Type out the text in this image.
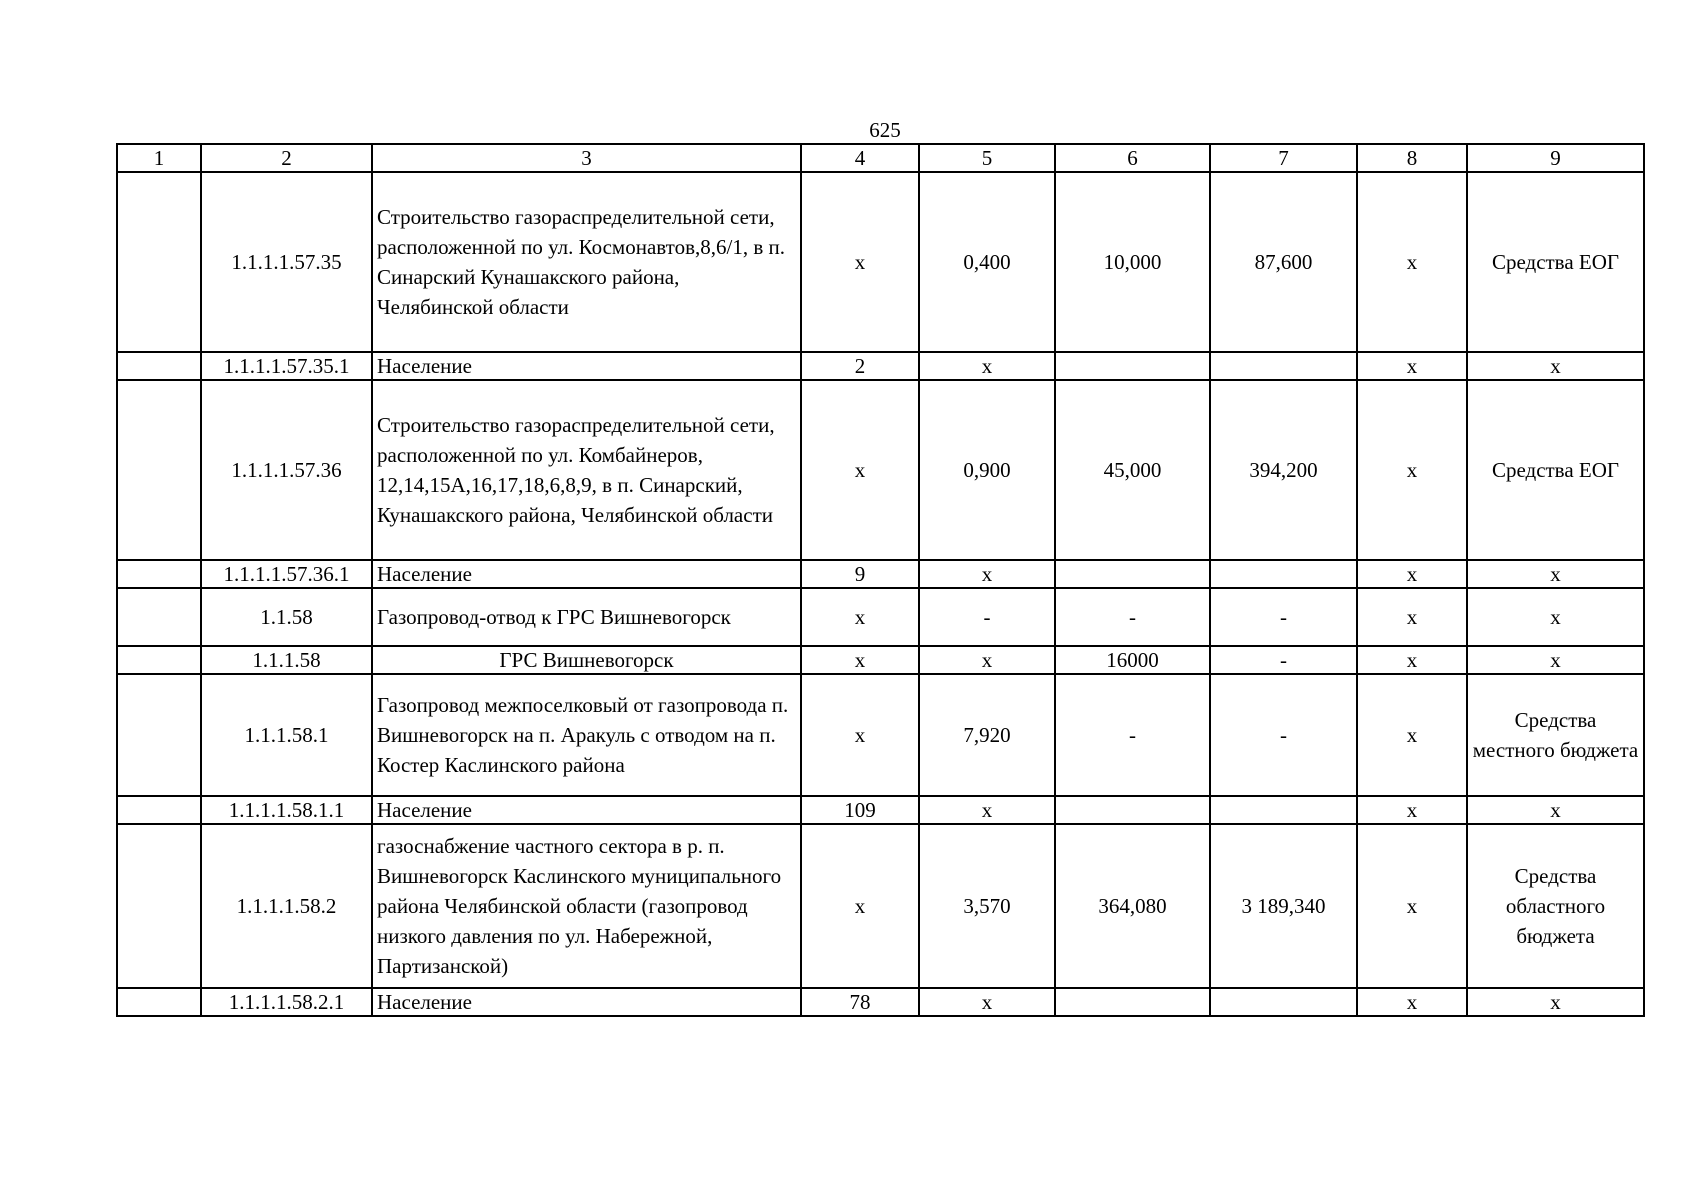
625
1	2	3	4	5	6	7	8	9
	1.1.1.1.57.35	Строительство газораспределительной сети, расположенной по ул. Космонавтов,8,6/1, в п. Синарский Кунашакского района, Челябинской области	х	0,400	10,000	87,600	х	Средства ЕОГ
	1.1.1.1.57.35.1	Население	2	х			х	х
	1.1.1.1.57.36	Строительство газораспределительной сети, расположенной по ул. Комбайнеров, 12,14,15А,16,17,18,6,8,9, в п. Синарский, Кунашакского района, Челябинской области	х	0,900	45,000	394,200	х	Средства ЕОГ
	1.1.1.1.57.36.1	Население	9	х			х	х
	1.1.58	Газопровод-отвод к ГРС Вишневогорск	х	-	-	-	х	х
	1.1.1.58	ГРС Вишневогорск	х	х	16000	-	х	х
	1.1.1.58.1	Газопровод межпоселковый от газопровода п. Вишневогорск на п. Аракуль с отводом на п. Костер Каслинского района	х	7,920	-	-	х	Средства местного бюджета
	1.1.1.1.58.1.1	Население	109	х			х	х
	1.1.1.1.58.2	газоснабжение частного сектора в р. п. Вишневогорск Каслинского муниципального района Челябинской области (газопровод низкого давления по ул. Набережной, Партизанской)	х	3,570	364,080	3 189,340	х	Средства областного бюджета
	1.1.1.1.58.2.1	Население	78	х			х	х
